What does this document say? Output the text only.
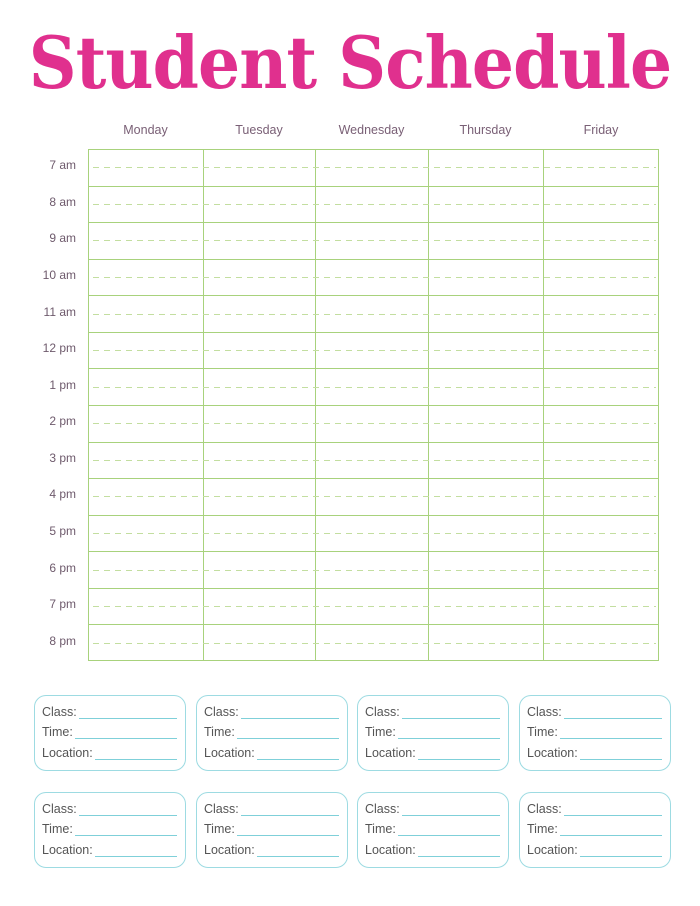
Student Schedule
Monday	Tuesday	Wednesday	Thursday	Friday
7 am
8 am
9 am
10 am
11 am
12 pm
1 pm
2 pm
3 pm
4 pm
5 pm
6 pm
7 pm
8 pm
Class:
Time:
Location:
Class:
Time:
Location:
Class:
Time:
Location:
Class:
Time:
Location:
Class:
Time:
Location:
Class:
Time:
Location:
Class:
Time:
Location:
Class:
Time:
Location:
